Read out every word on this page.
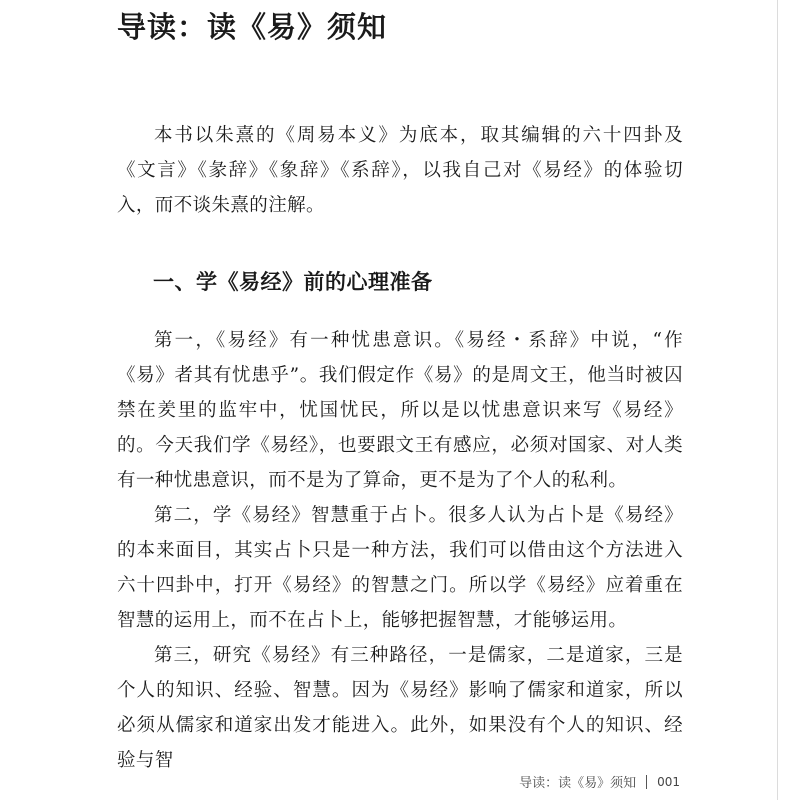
导读：读《易》须知

本书以朱熹的《周易本义》为底本，取其编辑的六十四卦及《文言》《彖辞》《象辞》《系辞》，以我自己对《易经》的体验切入，而不谈朱熹的注解。

一、学《易经》前的心理准备

第一，《易经》有一种忧患意识。《易经・系辞》中说，“作《易》者其有忧患乎”。我们假定作《易》的是周文王，他当时被囚禁在羑里的监牢中，忧国忧民，所以是以忧患意识来写《易经》的。今天我们学《易经》，也要跟文王有感应，必须对国家、对人类有一种忧患意识，而不是为了算命，更不是为了个人的私利。

第二，学《易经》智慧重于占卜。很多人认为占卜是《易经》的本来面目，其实占卜只是一种方法，我们可以借由这个方法进入六十四卦中，打开《易经》的智慧之门。所以学《易经》应着重在智慧的运用上，而不在占卜上，能够把握智慧，才能够运用。

第三，研究《易经》有三种路径，一是儒家，二是道家，三是个人的知识、经验、智慧。因为《易经》影响了儒家和道家，所以必须从儒家和道家出发才能进入。此外，如果没有个人的知识、经验与智

导读：读《易》须知 001
